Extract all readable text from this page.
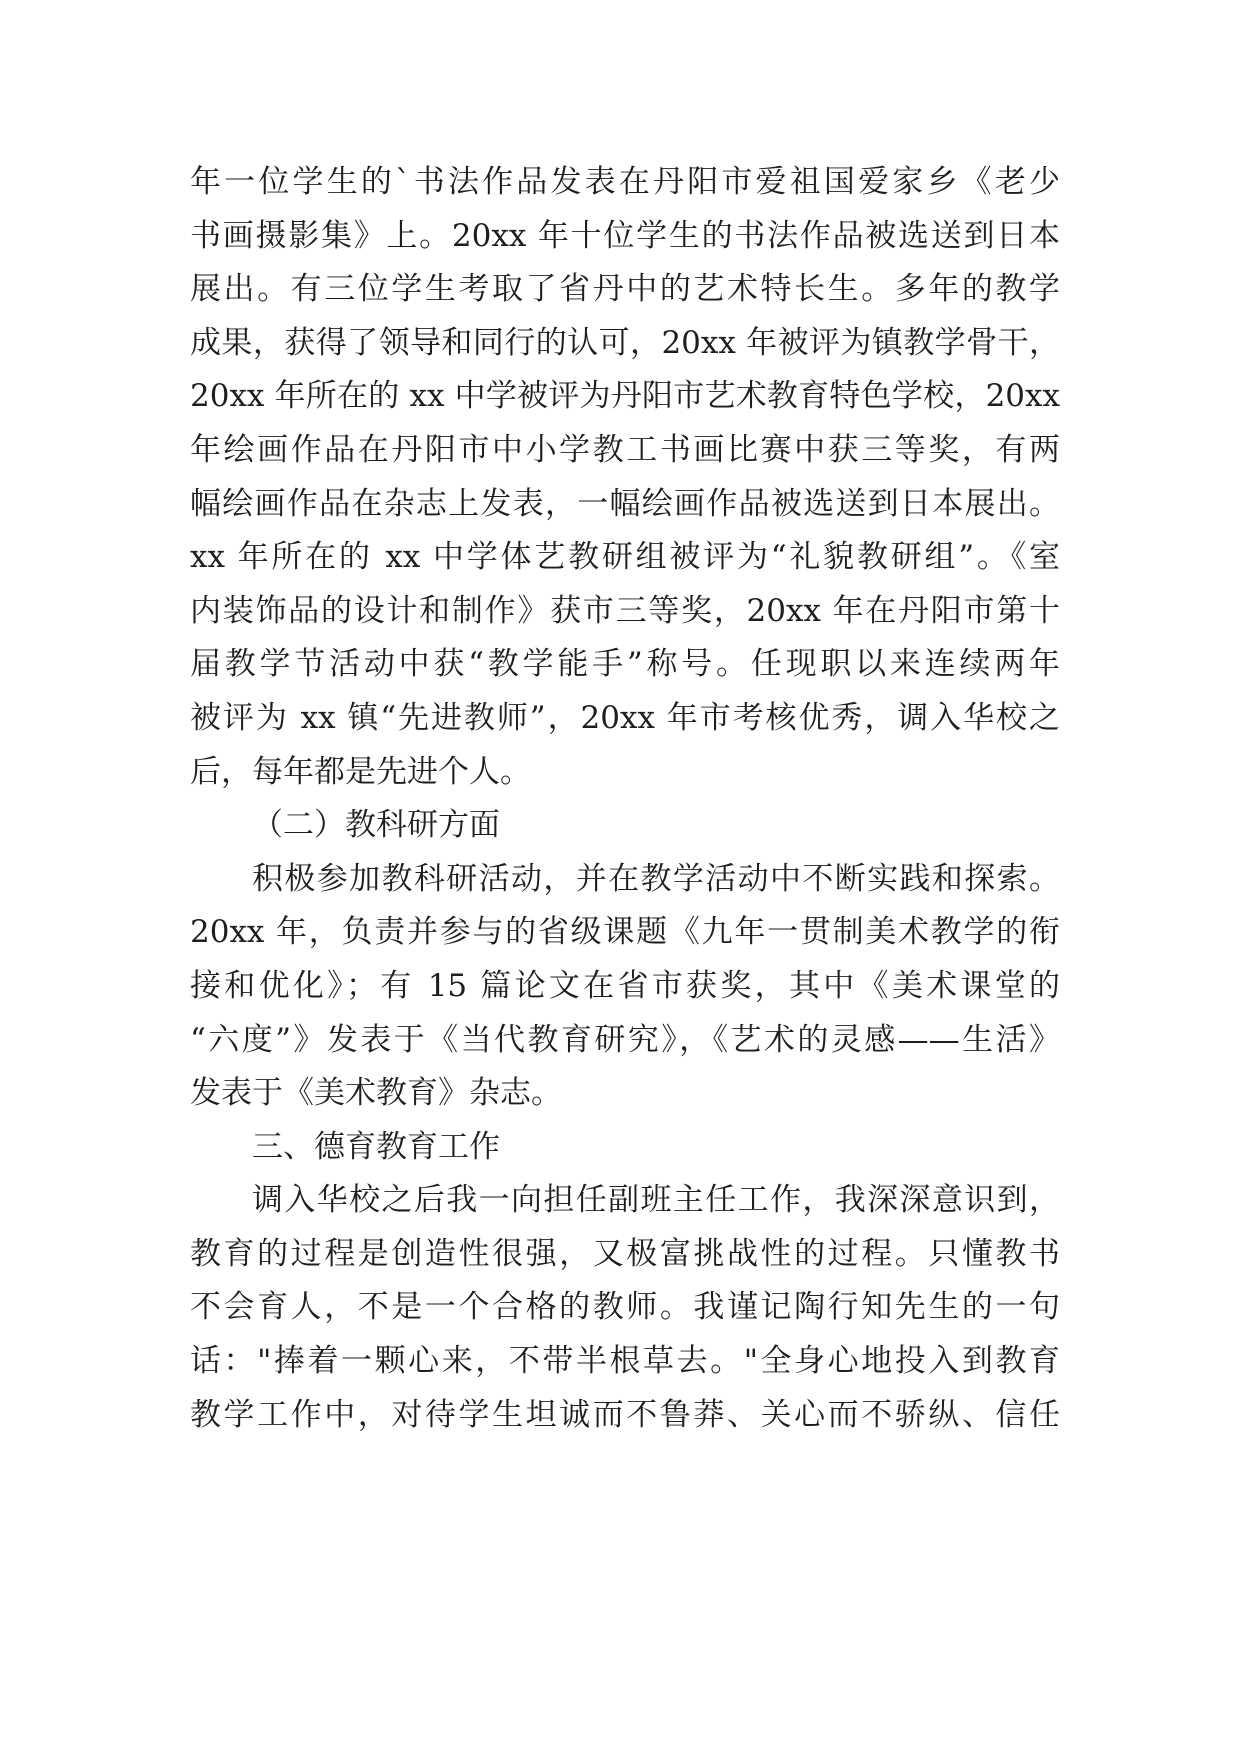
年一位学生的`书法作品发表在丹阳市爱祖国爱家乡《老少
书画摄影集》上。20xx 年十位学生的书法作品被选送到日本
展出。有三位学生考取了省丹中的艺术特长生。多年的教学
成果，获得了领导和同行的认可，20xx 年被评为镇教学骨干，
20xx 年所在的 xx 中学被评为丹阳市艺术教育特色学校，20xx
年绘画作品在丹阳市中小学教工书画比赛中获三等奖，有两
幅绘画作品在杂志上发表，一幅绘画作品被选送到日本展出。
xx 年所在的 xx 中学体艺教研组被评为“礼貌教研组”。《室
内装饰品的设计和制作》获市三等奖，20xx 年在丹阳市第十
届教学节活动中获“教学能手”称号。任现职以来连续两年
被评为 xx 镇“先进教师”，20xx 年市考核优秀，调入华校之
后，每年都是先进个人。
（二）教科研方面
积极参加教科研活动，并在教学活动中不断实践和探索。
20xx 年，负责并参与的省级课题《九年一贯制美术教学的衔
接和优化》；有 15 篇论文在省市获奖，其中《美术课堂的
“六度”》发表于《当代教育研究》，《艺术的灵感——生活》
发表于《美术教育》杂志。
三、德育教育工作
调入华校之后我一向担任副班主任工作，我深深意识到，
教育的过程是创造性很强，又极富挑战性的过程。只懂教书
不会育人，不是一个合格的教师。我谨记陶行知先生的一句
话："捧着一颗心来，不带半根草去。"全身心地投入到教育
教学工作中，对待学生坦诚而不鲁莽、关心而不骄纵、信任
